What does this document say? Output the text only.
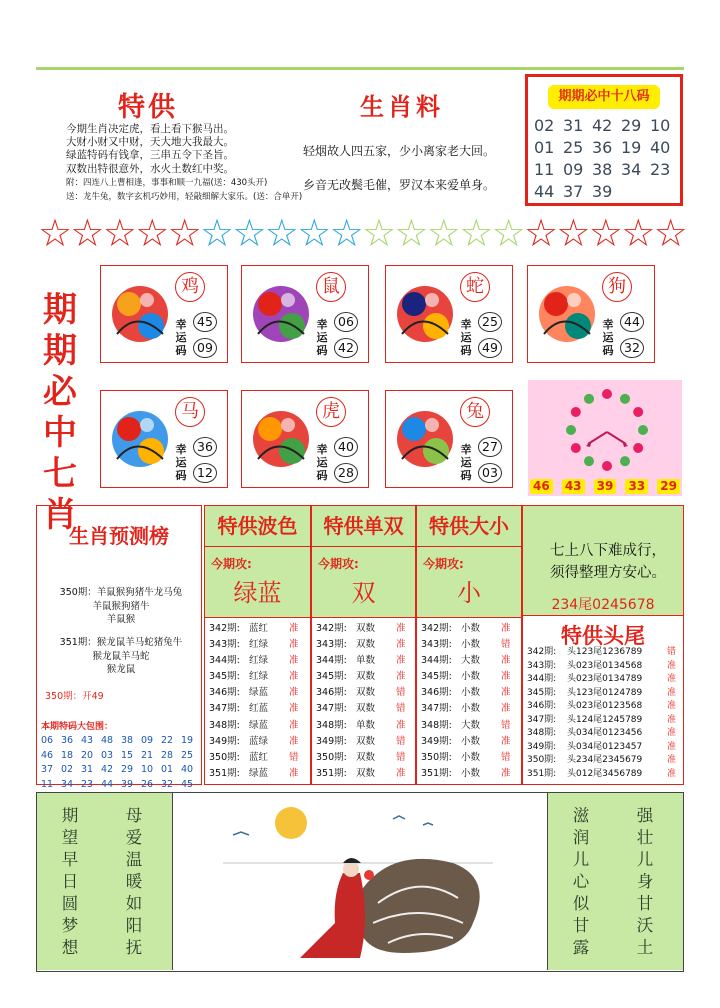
特供
今期生肖决定虎，看上看下猴马出。
大财小财又中财，天大地大我最大。
绿蓝特码有钱拿，三串五令下圣旨。
双数出特很意外，水火土数红中奖。
附：四连八上曹相逢，事事和顺一九福(送：430头开)
送：龙牛兔，数字玄机巧妙用，轻敲细解大家乐。(送：合单开)
生肖料
轻烟故人四五家，少小离家老大回。
乡音无改鬓毛催，罗汉本来爱单身。
期期必中十八码
02 31 42 29 10
01 25 36 19 40
11 09 38 34 23
44 37 39
☆
☆
☆
☆
☆
☆
☆
☆
☆
☆
☆
☆
☆
☆
☆
☆
☆
☆
☆
☆
期
期
必
中
七
肖
鸡
幸
运
码
45
09
鼠
幸
运
码
06
42
蛇
幸
运
码
25
49
狗
幸
运
码
44
32
马
幸
运
码
36
12
虎
幸
运
码
40
28
兔
幸
运
码
27
03
46 43 39 33 29
生肖预测榜
350期：羊鼠猴狗猪牛龙马兔
羊鼠猴狗猪牛
羊鼠猴
351期：猴龙鼠羊马蛇猪兔牛
猴龙鼠羊马蛇
猴龙鼠
350期：开49
本期特码大包围：
06 36 43 48 38 09 22 19
46 18 20 03 15 21 28 25
37 02 31 42 29 10 01 40
11 34 23 44 39 26 32 45
特供波色
今期攻:
绿蓝
342期: 蓝红	准
343期: 红绿	准
344期: 红绿	准
345期: 红绿	准
346期: 绿蓝	准
347期: 红蓝	准
348期: 绿蓝	准
349期: 蓝绿	准
350期: 蓝红	错
351期: 绿蓝	准
特供单双
今期攻:
双
342期: 双数	准
343期: 双数	准
344期: 单数	准
345期: 双数	准
346期: 双数	错
347期: 双数	错
348期: 单数	准
349期: 双数	错
350期: 双数	错
351期: 双数	准
特供大小
今期攻:
小
342期: 小数	准
343期: 小数	错
344期: 大数	准
345期: 小数	准
346期: 小数	准
347期: 小数	准
348期: 大数	错
349期: 小数	准
350期: 小数	错
351期: 小数	准
七上八下难成行，
须得整理方安心。
234尾0245678
特供头尾
342期:	头123尾1236789	错
343期:	头023尾0134568	准
344期:	头023尾0134789	准
345期:	头123尾0124789	准
346期:	头023尾0123568	准
347期:	头124尾1245789	准
348期:	头034尾0123456	准
349期:	头034尾0123457	准
350期:	头234尾2345679	准
351期:	头012尾3456789	准
期
望
早
日
圆
梦
想
母
爱
温
暖
如
阳
抚
滋
润
儿
心
似
甘
露
强
壮
儿
身
甘
沃
土
